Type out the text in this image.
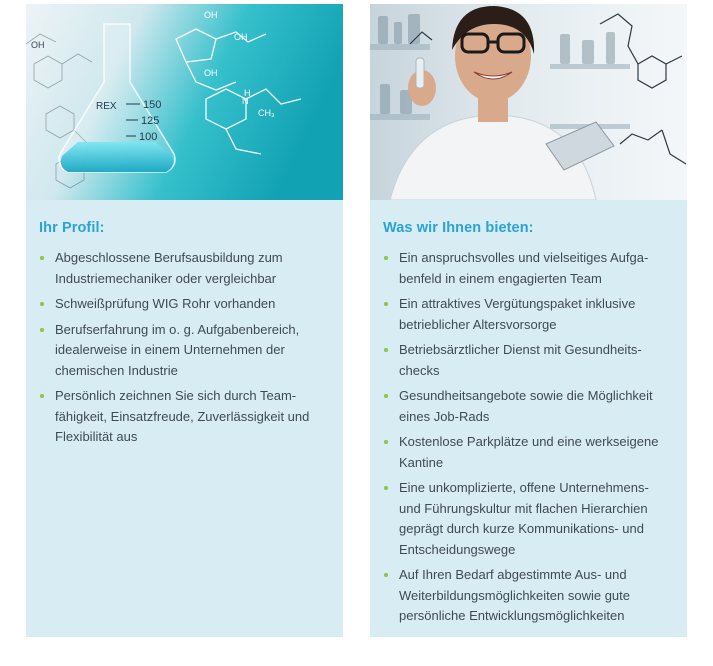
150
125
100
REX
OH
OH
OH
N
H
CH₃
OH
Ihr Profil:
Abgeschlossene Berufsausbildung zum
Industriemechaniker oder vergleichbar
Schweißprüfung WIG Rohr vorhanden
Berufserfahrung im o. g. Aufgabenbereich,
idealerweise in einem Unternehmen der
chemischen Industrie
Persönlich zeichnen Sie sich durch Team-
fähigkeit, Einsatzfreude, Zuverlässigkeit und
Flexibilität aus
Was wir Ihnen bieten:
Ein anspruchsvolles und vielseitiges Aufga-
benfeld in einem engagierten Team
Ein attraktives Vergütungspaket inklusive
betrieblicher Altersvorsorge
Betriebsärztlicher Dienst mit Gesundheits-
checks
Gesundheitsangebote sowie die Möglichkeit
eines Job-Rads
Kostenlose Parkplätze und eine werkseigene
Kantine
Eine unkomplizierte, offene Unternehmens-
und Führungskultur mit flachen Hierarchien
geprägt durch kurze Kommunikations- und
Entscheidungswege
Auf Ihren Bedarf abgestimmte Aus- und
Weiterbildungsmöglichkeiten sowie gute
persönliche Entwicklungsmöglichkeiten
